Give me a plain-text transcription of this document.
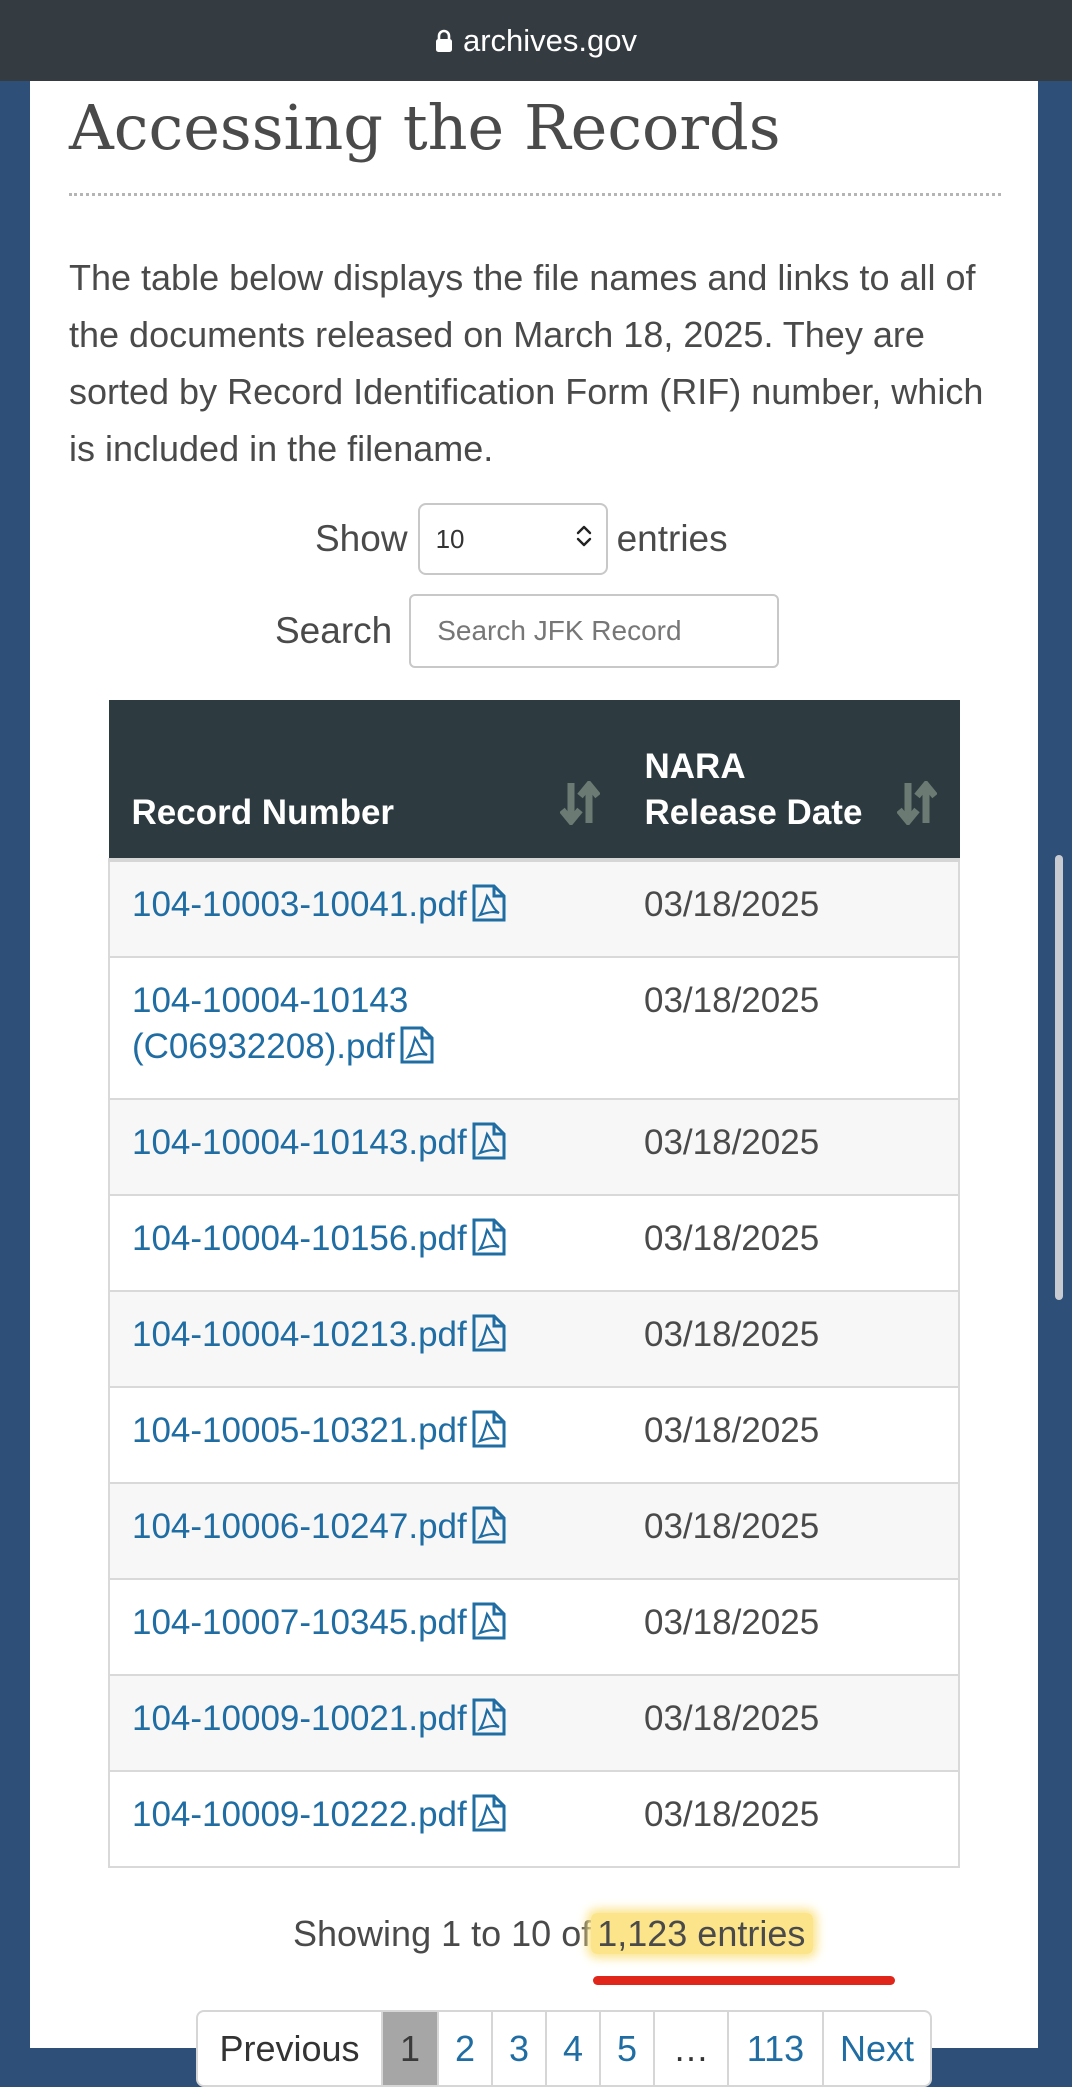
archives.gov
Accessing the Records

The table below displays the file names and links to all of the documents released on March 18, 2025. They are sorted by Record Identification Form (RIF) number, which is included in the filename.

Show 10	entries
Search
Search JFK Record
Record Number	NARA
Release Date

104-10003-10041.pdf	03/18/2025
104-10004-10143 (C06932208).pdf	03/18/2025
104-10004-10143.pdf	03/18/2025
104-10004-10156.pdf	03/18/2025
104-10004-10213.pdf	03/18/2025
104-10005-10321.pdf	03/18/2025
104-10006-10247.pdf	03/18/2025
104-10007-10345.pdf	03/18/2025
104-10009-10021.pdf	03/18/2025
104-10009-10222.pdf	03/18/2025
Showing 1 to 10 of 1,123 entries
Previous	1 2 3 4 5 …	113 Next
